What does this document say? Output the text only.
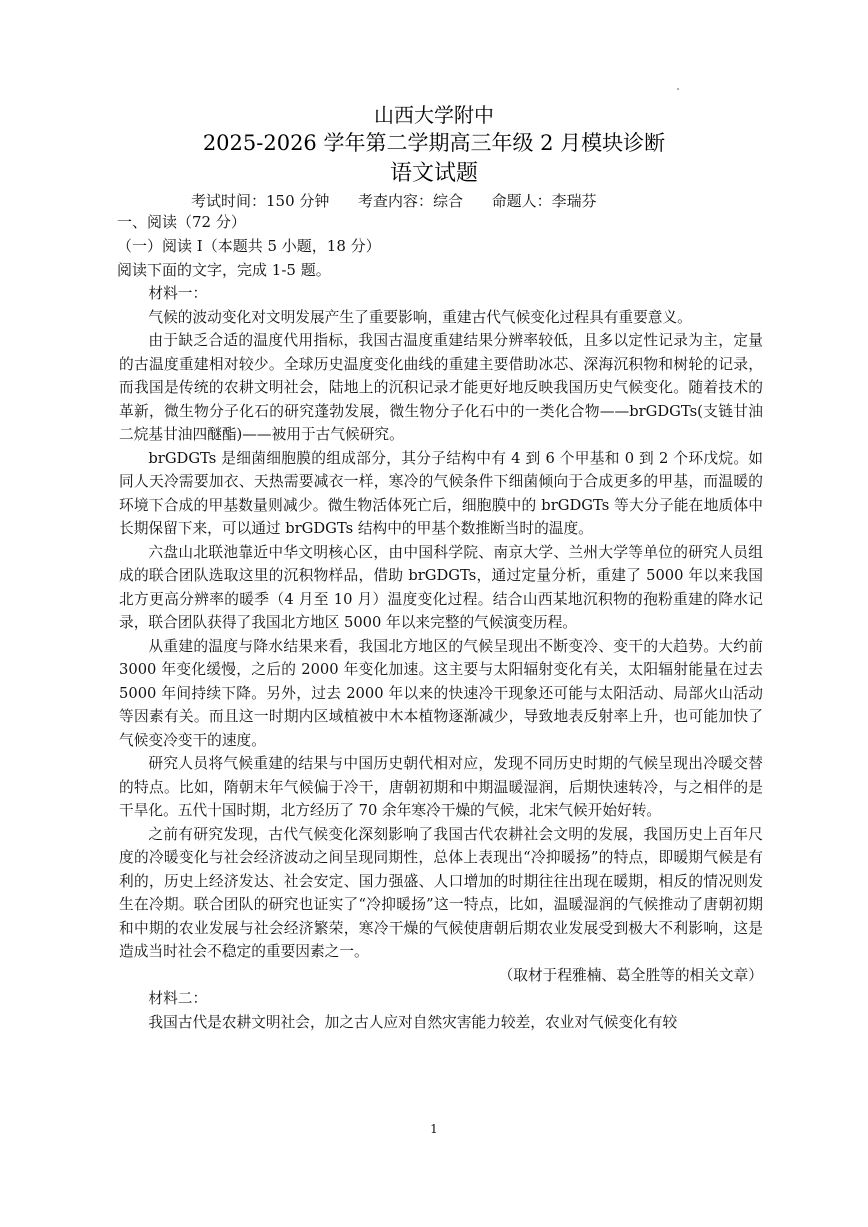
山西大学附中
2025-2026 学年第二学期高三年级 2 月模块诊断
语文试题
考试时间：150 分钟 考查内容：综合 命题人：李瑞芬
一、阅读（72 分）
（一）阅读 I（本题共 5 小题，18 分）
阅读下面的文字，完成 1-5 题。

材料一：

气候的波动变化对文明发展产生了重要影响，重建古代气候变化过程具有重要意义。

由于缺乏合适的温度代用指标，我国古温度重建结果分辨率较低，且多以定性记录为主，定量的古温度重建相对较少。全球历史温度变化曲线的重建主要借助冰芯、深海沉积物和树轮的记录，而我国是传统的农耕文明社会，陆地上的沉积记录才能更好地反映我国历史气候变化。随着技术的革新，微生物分子化石的研究蓬勃发展，微生物分子化石中的一类化合物——brGDGTs(支链甘油二烷基甘油四醚酯)——被用于古气候研究。

brGDGTs 是细菌细胞膜的组成部分，其分子结构中有 4 到 6 个甲基和 0 到 2 个环戊烷。如同人天冷需要加衣、天热需要减衣一样，寒冷的气候条件下细菌倾向于合成更多的甲基，而温暖的环境下合成的甲基数量则减少。微生物活体死亡后，细胞膜中的 brGDGTs 等大分子能在地质体中长期保留下来，可以通过 brGDGTs 结构中的甲基个数推断当时的温度。

六盘山北联池靠近中华文明核心区，由中国科学院、南京大学、兰州大学等单位的研究人员组成的联合团队选取这里的沉积物样品，借助 brGDGTs，通过定量分析，重建了 5000 年以来我国北方更高分辨率的暖季（4 月至 10 月）温度变化过程。结合山西某地沉积物的孢粉重建的降水记录，联合团队获得了我国北方地区 5000 年以来完整的气候演变历程。

从重建的温度与降水结果来看，我国北方地区的气候呈现出不断变冷、变干的大趋势。大约前 3000 年变化缓慢，之后的 2000 年变化加速。这主要与太阳辐射变化有关，太阳辐射能量在过去 5000 年间持续下降。另外，过去 2000 年以来的快速冷干现象还可能与太阳活动、局部火山活动等因素有关。而且这一时期内区域植被中木本植物逐渐减少，导致地表反射率上升，也可能加快了气候变冷变干的速度。

研究人员将气候重建的结果与中国历史朝代相对应，发现不同历史时期的气候呈现出冷暖交替的特点。比如，隋朝末年气候偏于冷干，唐朝初期和中期温暖湿润，后期快速转冷，与之相伴的是干旱化。五代十国时期，北方经历了 70 余年寒冷干燥的气候，北宋气候开始好转。

之前有研究发现，古代气候变化深刻影响了我国古代农耕社会文明的发展，我国历史上百年尺度的冷暖变化与社会经济波动之间呈现同期性，总体上表现出“冷抑暖扬”的特点，即暖期气候是有利的，历史上经济发达、社会安定、国力强盛、人口增加的时期往往出现在暖期，相反的情况则发生在冷期。联合团队的研究也证实了“冷抑暖扬”这一特点，比如，温暖湿润的气候推动了唐朝初期和中期的农业发展与社会经济繁荣，寒冷干燥的气候使唐朝后期农业发展受到极大不利影响，这是造成当时社会不稳定的重要因素之一。

（取材于程雅楠、葛全胜等的相关文章）

材料二：

我国古代是农耕文明社会，加之古人应对自然灾害能力较差，农业对气候变化有较

1
